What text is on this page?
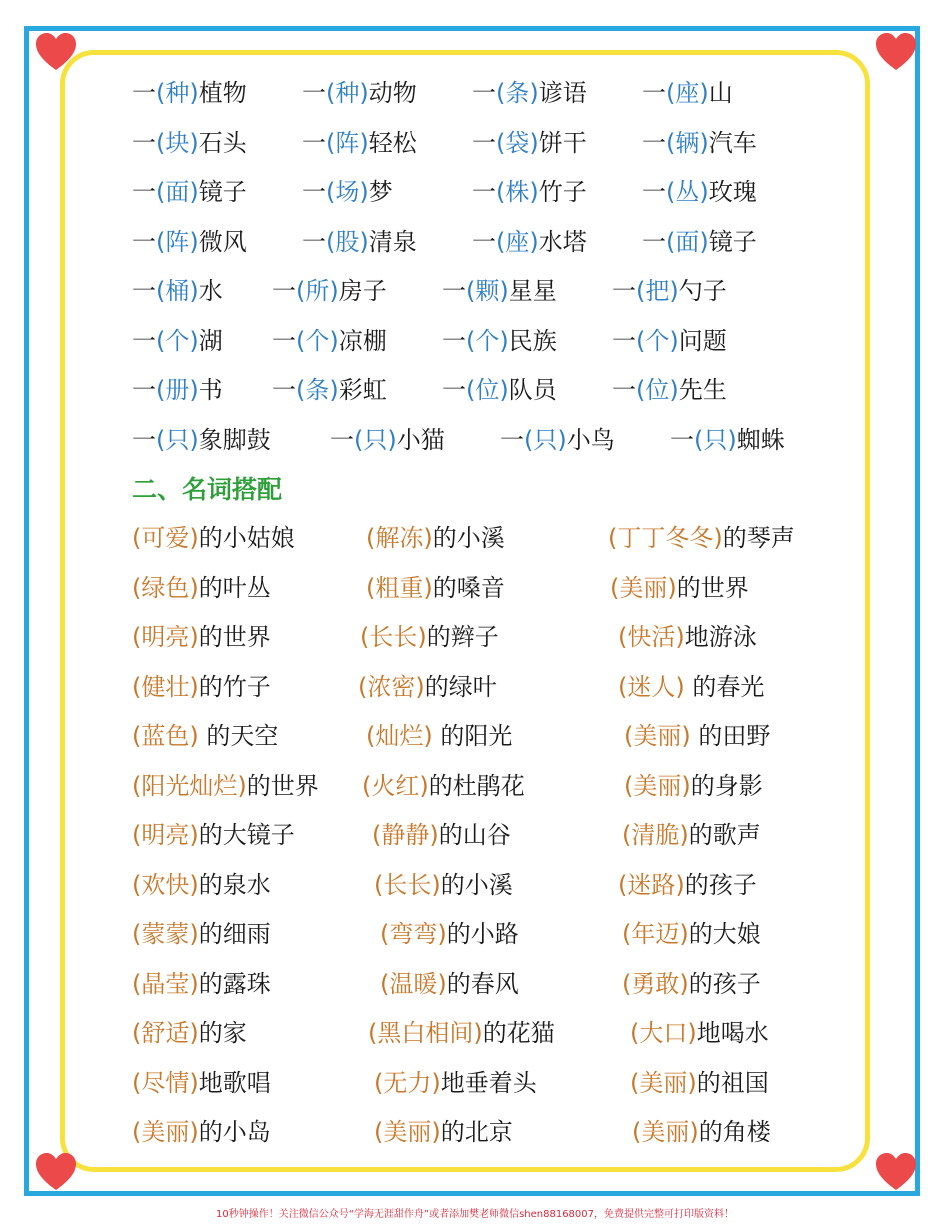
一(种)植物 一(种)动物 一(条)谚语 一(座)山
一(块)石头 一(阵)轻松 一(袋)饼干 一(辆)汽车
一(面)镜子 一(场)梦	一(株)竹子 一(丛)玫瑰
一(阵)微风 一(股)清泉 一(座)水塔 一(面)镜子
一(桶)水 一(所)房子 一(颗)星星 一(把)勺子
一(个)湖 一(个)凉棚 一(个)民族 一(个)问题
一(册)书 一(条)彩虹 一(位)队员 一(位)先生
一(只)象脚鼓 一(只)小猫 一(只)小鸟 一(只)蜘蛛
二、名词搭配
(可爱)的小姑娘	(解冻)的小溪	(丁丁冬冬)的琴声
(绿色)的叶丛	(粗重)的嗓音	(美丽)的世界
(明亮)的世界	(长长)的辫子	(快活)地游泳
(健壮)的竹子	(浓密)的绿叶	(迷人) 的春光
(蓝色) 的天空	(灿烂) 的阳光	(美丽) 的田野
(阳光灿烂)的世界 (火红)的杜鹃花	(美丽)的身影
(明亮)的大镜子	(静静)的山谷	(清脆)的歌声
(欢快)的泉水	(长长)的小溪	(迷路)的孩子
(蒙蒙)的细雨	(弯弯)的小路	(年迈)的大娘
(晶莹)的露珠	(温暖)的春风	(勇敢)的孩子
(舒适)的家	(黑白相间)的花猫	(大口)地喝水
(尽情)地歌唱	(无力)地垂着头	(美丽)的祖国
(美丽)的小岛	(美丽)的北京	(美丽)的角楼
10秒钟操作！关注微信公众号“学海无涯甜作舟”或者添加樊老师微信shen88168007，免费提供完整可打印版资料！
